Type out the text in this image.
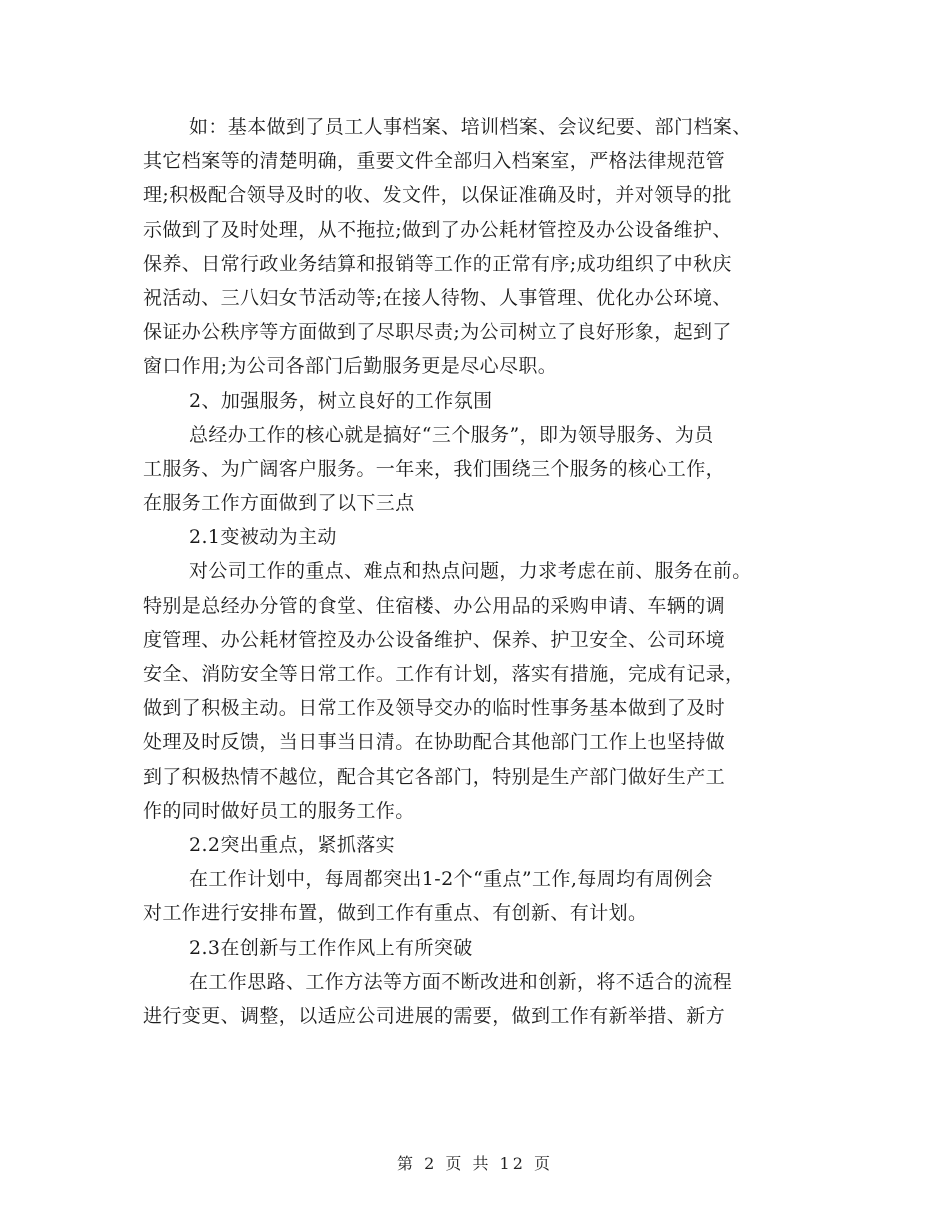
如：基本做到了员工人事档案、培训档案、会议纪要、部门档案、
其它档案等的清楚明确，重要文件全部归入档案室，严格法律规范管
理;积极配合领导及时的收、发文件，以保证准确及时，并对领导的批
示做到了及时处理，从不拖拉;做到了办公耗材管控及办公设备维护、
保养、日常行政业务结算和报销等工作的正常有序;成功组织了中秋庆
祝活动、三八妇女节活动等;在接人待物、人事管理、优化办公环境、
保证办公秩序等方面做到了尽职尽责;为公司树立了良好形象，起到了
窗口作用;为公司各部门后勤服务更是尽心尽职。
2、加强服务，树立良好的工作氛围
总经办工作的核心就是搞好“三个服务”，即为领导服务、为员
工服务、为广阔客户服务。一年来，我们围绕三个服务的核心工作，
在服务工作方面做到了以下三点
2.1变被动为主动
对公司工作的重点、难点和热点问题，力求考虑在前、服务在前。
特别是总经办分管的食堂、住宿楼、办公用品的采购申请、车辆的调
度管理、办公耗材管控及办公设备维护、保养、护卫安全、公司环境
安全、消防安全等日常工作。工作有计划，落实有措施，完成有记录，
做到了积极主动。日常工作及领导交办的临时性事务基本做到了及时
处理及时反馈，当日事当日清。在协助配合其他部门工作上也坚持做
到了积极热情不越位，配合其它各部门，特别是生产部门做好生产工
作的同时做好员工的服务工作。
2.2突出重点，紧抓落实
在工作计划中，每周都突出1-2个“重点”工作,每周均有周例会
对工作进行安排布置，做到工作有重点、有创新、有计划。
2.3在创新与工作作风上有所突破
在工作思路、工作方法等方面不断改进和创新，将不适合的流程
进行变更、调整，以适应公司进展的需要，做到工作有新举措、新方
第 2 页 共 12 页
